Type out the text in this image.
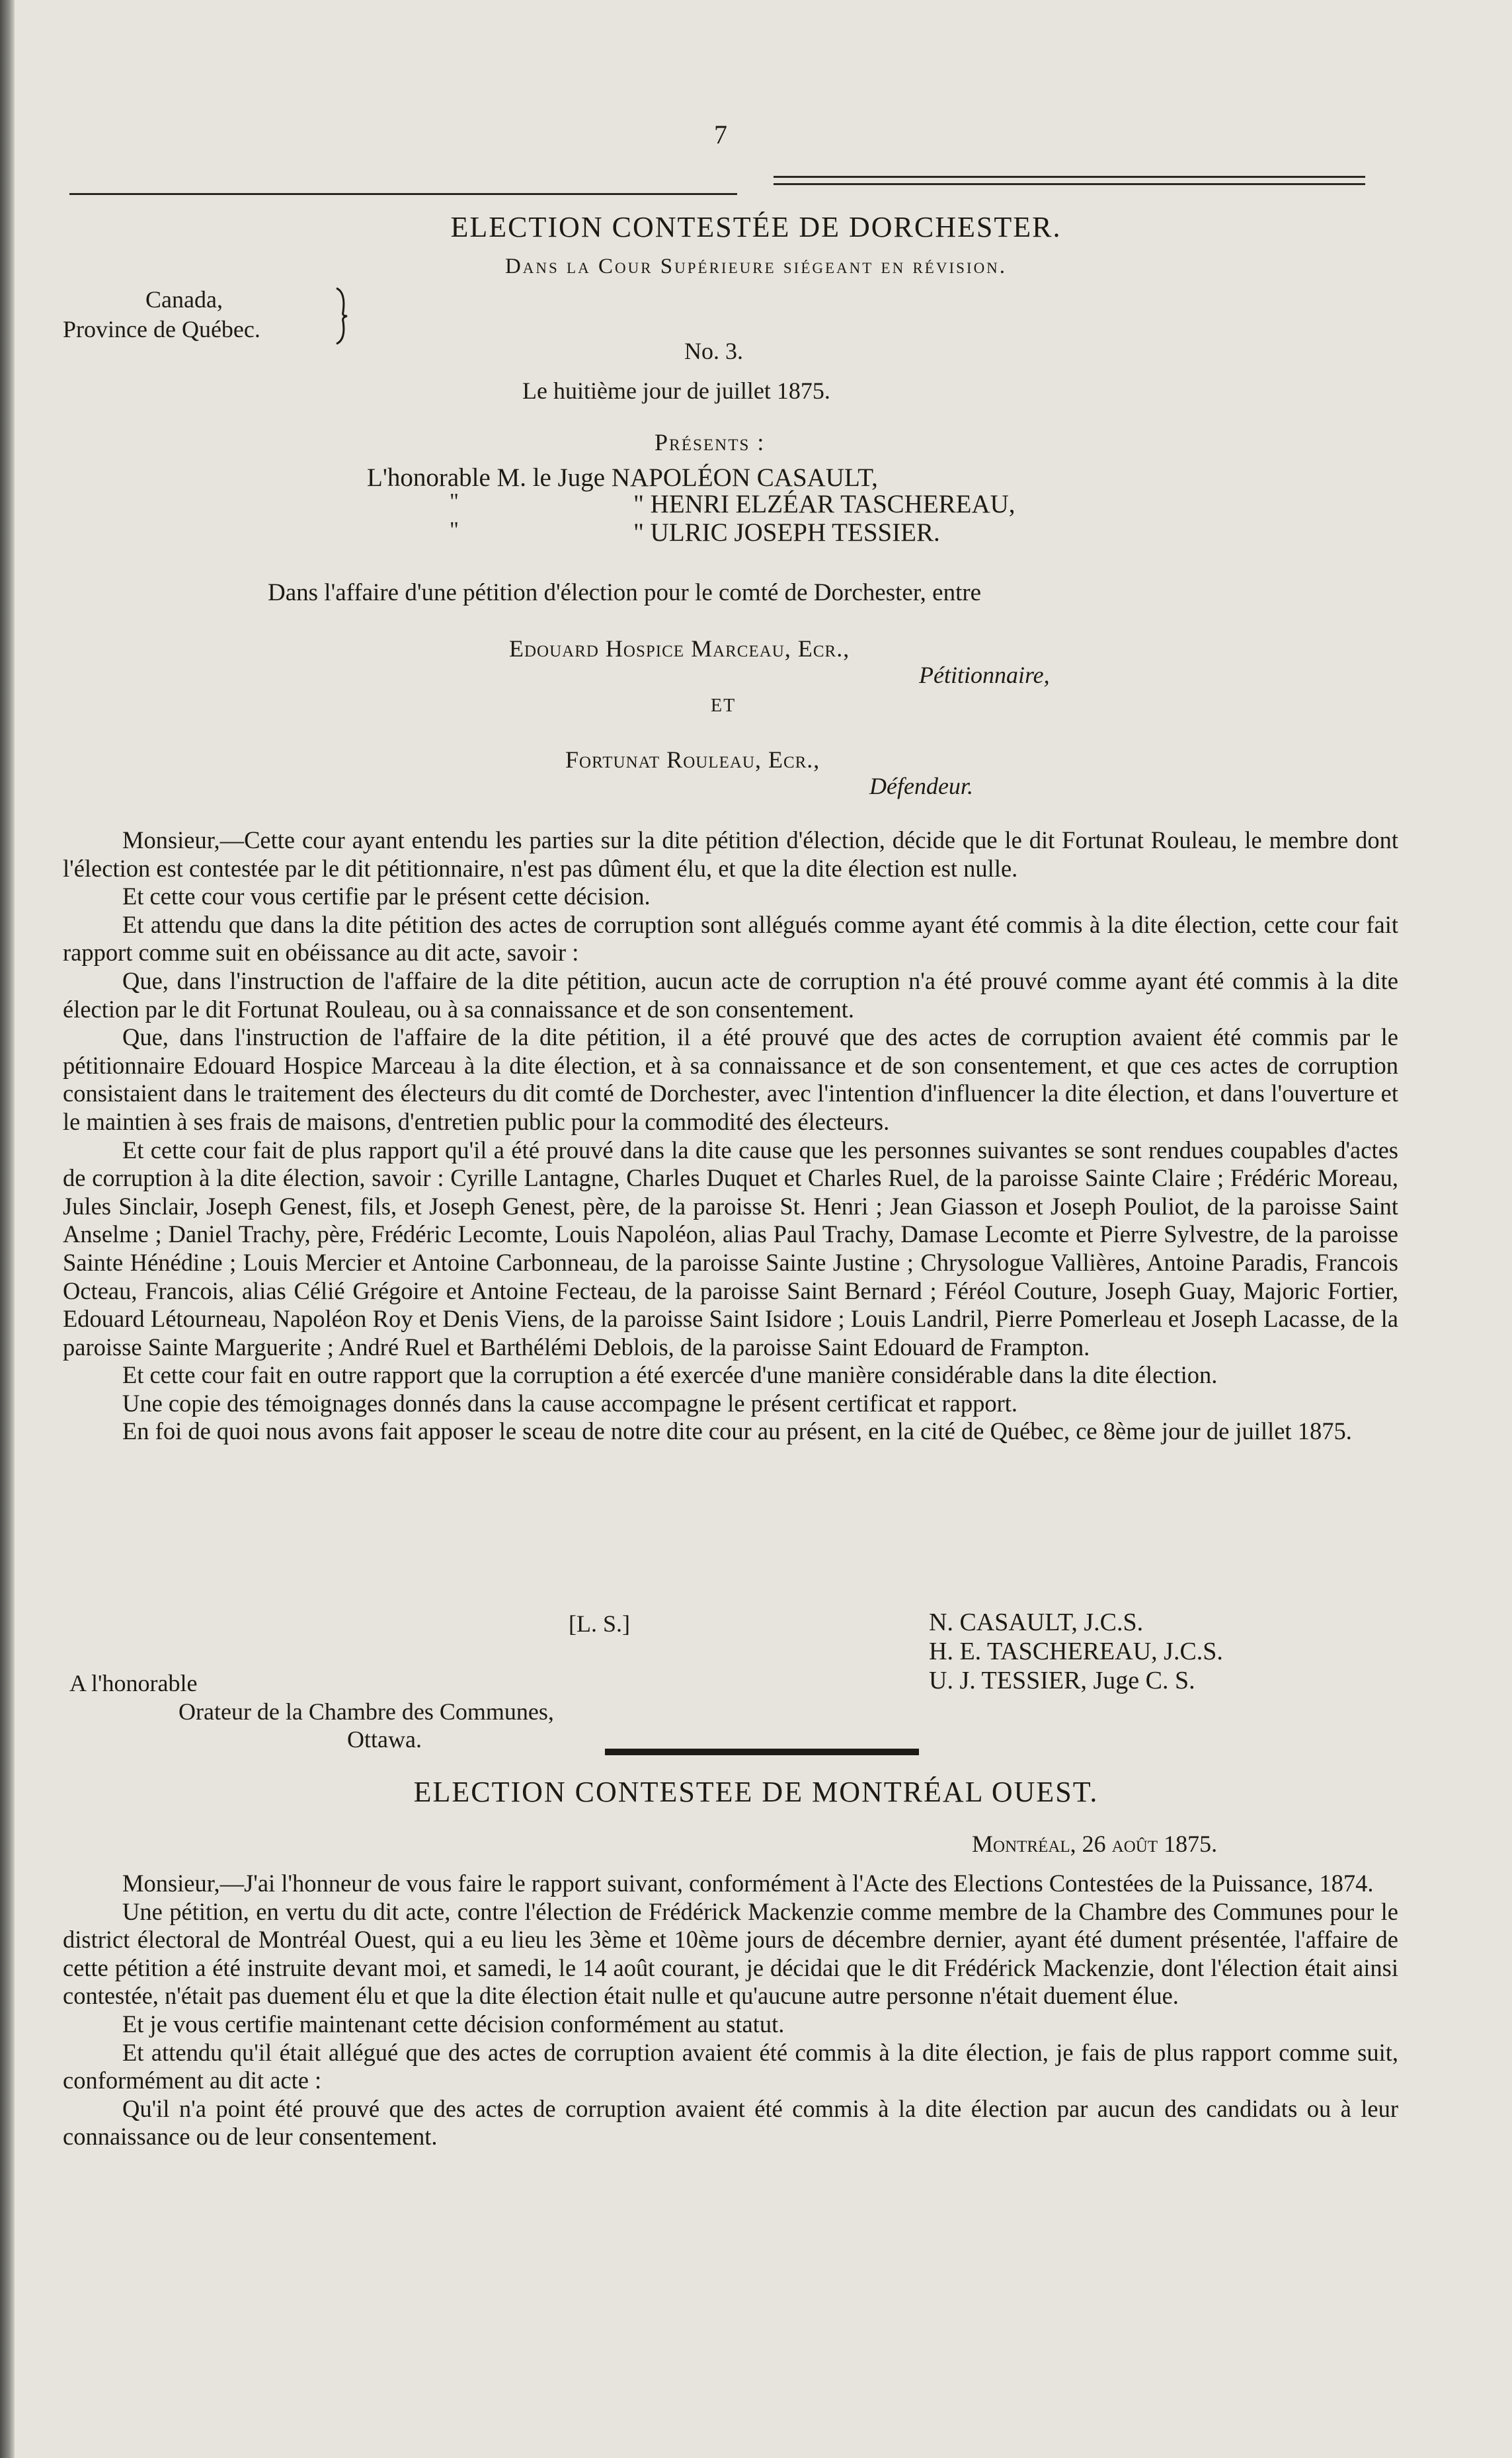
7
ELECTION CONTESTÉE DE DORCHESTER.
Dans la Cour Supérieure siégeant en révision.
Canada,
Province de Québec.
No. 3.
Le huitième jour de juillet 1875.
Présents :
L'honorable M. le Juge NAPOLÉON CASAULT,
"	" HENRI ELZÉAR TASCHEREAU,
"	" ULRIC JOSEPH TESSIER.
Dans l'affaire d'une pétition d'élection pour le comté de Dorchester, entre
Edouard Hospice Marceau, Ecr.,
Pétitionnaire,
ET
Fortunat Rouleau, Ecr.,
Défendeur.

Monsieur,—Cette cour ayant entendu les parties sur la dite pétition d'élection, décide que le dit Fortunat Rouleau, le membre dont l'élection est contestée par le dit pétitionnaire, n'est pas dûment élu, et que la dite élection est nulle.

Et cette cour vous certifie par le présent cette décision.

Et attendu que dans la dite pétition des actes de corruption sont allégués comme ayant été commis à la dite élection, cette cour fait rapport comme suit en obéissance au dit acte, savoir :

Que, dans l'instruction de l'affaire de la dite pétition, aucun acte de corruption n'a été prouvé comme ayant été commis à la dite élection par le dit Fortunat Rouleau, ou à sa connaissance et de son consentement.

Que, dans l'instruction de l'affaire de la dite pétition, il a été prouvé que des actes de corruption avaient été commis par le pétitionnaire Edouard Hospice Marceau à la dite élection, et à sa connaissance et de son consentement, et que ces actes de corruption consistaient dans le traitement des électeurs du dit comté de Dorchester, avec l'intention d'influencer la dite élection, et dans l'ouverture et le maintien à ses frais de maisons, d'entretien public pour la commodité des électeurs.

Et cette cour fait de plus rapport qu'il a été prouvé dans la dite cause que les personnes suivantes se sont rendues coupables d'actes de corruption à la dite élection, savoir : Cyrille Lantagne, Charles Duquet et Charles Ruel, de la paroisse Sainte Claire ; Frédéric Moreau, Jules Sinclair, Joseph Genest, fils, et Joseph Genest, père, de la paroisse St. Henri ; Jean Giasson et Joseph Pouliot, de la paroisse Saint Anselme ; Daniel Trachy, père, Frédéric Lecomte, Louis Napoléon, alias Paul Trachy, Damase Lecomte et Pierre Sylvestre, de la paroisse Sainte Hénédine ; Louis Mercier et Antoine Carbonneau, de la paroisse Sainte Justine ; Chrysologue Vallières, Antoine Paradis, Francois Octeau, Francois, alias Célié Grégoire et Antoine Fecteau, de la paroisse Saint Bernard ; Féréol Couture, Joseph Guay, Majoric Fortier, Edouard Létourneau, Napoléon Roy et Denis Viens, de la paroisse Saint Isidore ; Louis Landril, Pierre Pomerleau et Joseph Lacasse, de la paroisse Sainte Marguerite ; André Ruel et Barthélémi Deblois, de la paroisse Saint Edouard de Frampton.

Et cette cour fait en outre rapport que la corruption a été exercée d'une manière considérable dans la dite élection.

Une copie des témoignages donnés dans la cause accompagne le présent certificat et rapport.

En foi de quoi nous avons fait apposer le sceau de notre dite cour au présent, en la cité de Québec, ce 8ème jour de juillet 1875.

[L. S.]	N. CASAULT, J.C.S.
H. E. TASCHEREAU, J.C.S.
U. J. TESSIER, Juge C. S.
A l'honorable
Orateur de la Chambre des Communes,
Ottawa.
ELECTION CONTESTEE DE MONTRÉAL OUEST.
Montréal, 26 août 1875.

Monsieur,—J'ai l'honneur de vous faire le rapport suivant, conformément à l'Acte des Elections Contestées de la Puissance, 1874.

Une pétition, en vertu du dit acte, contre l'élection de Frédérick Mackenzie comme membre de la Chambre des Communes pour le district électoral de Montréal Ouest, qui a eu lieu les 3ème et 10ème jours de décembre dernier, ayant été dument présentée, l'affaire de cette pétition a été instruite devant moi, et samedi, le 14 août courant, je décidai que le dit Frédérick Mackenzie, dont l'élection était ainsi contestée, n'était pas duement élu et que la dite élection était nulle et qu'aucune autre personne n'était duement élue.

Et je vous certifie maintenant cette décision conformément au statut.

Et attendu qu'il était allégué que des actes de corruption avaient été commis à la dite élection, je fais de plus rapport comme suit, conformément au dit acte :

Qu'il n'a point été prouvé que des actes de corruption avaient été commis à la dite élection par aucun des candidats ou à leur connaissance ou de leur consentement.
